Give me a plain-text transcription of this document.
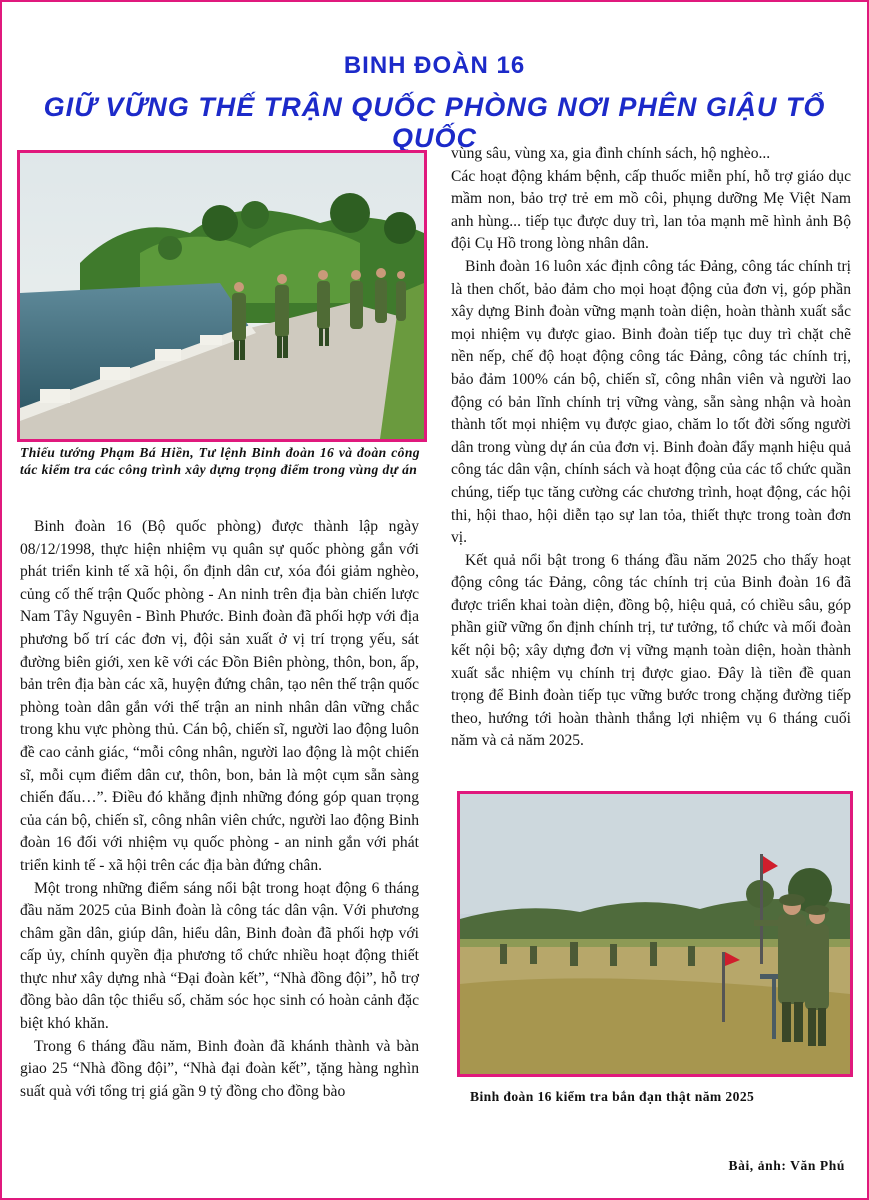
BINH ĐOÀN 16
GIỮ VỮNG THẾ TRẬN QUỐC PHÒNG NƠI PHÊN GIẬU TỔ QUỐC
Thiếu tướng Phạm Bá Hiền, Tư lệnh Binh đoàn 16 và đoàn công tác kiểm tra các công trình xây dựng trọng điểm trong vùng dự án

Binh đoàn 16 (Bộ quốc phòng) được thành lập ngày 08/12/1998, thực hiện nhiệm vụ quân sự quốc phòng gắn với phát triển kinh tế xã hội, ổn định dân cư, xóa đói giảm nghèo, củng cố thế trận Quốc phòng - An ninh trên địa bàn chiến lược Nam Tây Nguyên - Bình Phước. Binh đoàn đã phối hợp với địa phương bố trí các đơn vị, đội sản xuất ở vị trí trọng yếu, sát đường biên giới, xen kẽ với các Đồn Biên phòng, thôn, bon, ấp, bản trên địa bàn các xã, huyện đứng chân, tạo nên thế trận quốc phòng toàn dân gắn với thế trận an ninh nhân dân vững chắc trong khu vực phòng thủ. Cán bộ, chiến sĩ, người lao động luôn đề cao cảnh giác, “mỗi công nhân, người lao động là một chiến sĩ, mỗi cụm điểm dân cư, thôn, bon, bản là một cụm sẵn sàng chiến đấu…”. Điều đó khẳng định những đóng góp quan trọng của cán bộ, chiến sĩ, công nhân viên chức, người lao động Binh đoàn 16 đối với nhiệm vụ quốc phòng - an ninh gắn với phát triển kinh tế - xã hội trên các địa bàn đứng chân.

Một trong những điểm sáng nổi bật trong hoạt động 6 tháng đầu năm 2025 của Binh đoàn là công tác dân vận. Với phương châm gần dân, giúp dân, hiểu dân, Binh đoàn đã phối hợp với cấp ủy, chính quyền địa phương tổ chức nhiều hoạt động thiết thực như xây dựng nhà “Đại đoàn kết”, “Nhà đồng đội”, hỗ trợ đồng bào dân tộc thiểu số, chăm sóc học sinh có hoàn cảnh đặc biệt khó khăn.

Trong 6 tháng đầu năm, Binh đoàn đã khánh thành và bàn giao 25 “Nhà đồng đội”, “Nhà đại đoàn kết”, tặng hàng nghìn suất quà với tổng trị giá gần 9 tỷ đồng cho đồng bào

vùng sâu, vùng xa, gia đình chính sách, hộ nghèo...

Các hoạt động khám bệnh, cấp thuốc miễn phí, hỗ trợ giáo dục mầm non, bảo trợ trẻ em mồ côi, phụng dưỡng Mẹ Việt Nam anh hùng... tiếp tục được duy trì, lan tỏa mạnh mẽ hình ảnh Bộ đội Cụ Hồ trong lòng nhân dân.

Binh đoàn 16 luôn xác định công tác Đảng, công tác chính trị là then chốt, bảo đảm cho mọi hoạt động của đơn vị, góp phần xây dựng Binh đoàn vững mạnh toàn diện, hoàn thành xuất sắc mọi nhiệm vụ được giao. Binh đoàn tiếp tục duy trì chặt chẽ nền nếp, chế độ hoạt động công tác Đảng, công tác chính trị, bảo đảm 100% cán bộ, chiến sĩ, công nhân viên và người lao động có bản lĩnh chính trị vững vàng, sẵn sàng nhận và hoàn thành tốt mọi nhiệm vụ được giao, chăm lo tốt đời sống người dân trong vùng dự án của đơn vị. Binh đoàn đẩy mạnh hiệu quả công tác dân vận, chính sách và hoạt động của các tổ chức quần chúng, tiếp tục tăng cường các chương trình, hoạt động, các hội thi, hội thao, hội diễn tạo sự lan tỏa, thiết thực trong toàn đơn vị.

Kết quả nổi bật trong 6 tháng đầu năm 2025 cho thấy hoạt động công tác Đảng, công tác chính trị của Binh đoàn 16 đã được triển khai toàn diện, đồng bộ, hiệu quả, có chiều sâu, góp phần giữ vững ổn định chính trị, tư tưởng, tổ chức và mối đoàn kết nội bộ; xây dựng đơn vị vững mạnh toàn diện, hoàn thành xuất sắc nhiệm vụ chính trị được giao. Đây là tiền đề quan trọng để Binh đoàn tiếp tục vững bước trong chặng đường tiếp theo, hướng tới hoàn thành thắng lợi nhiệm vụ 6 tháng cuối năm và cả năm 2025.

Binh đoàn 16 kiểm tra bắn đạn thật năm 2025
Bài, ảnh: Văn Phú
